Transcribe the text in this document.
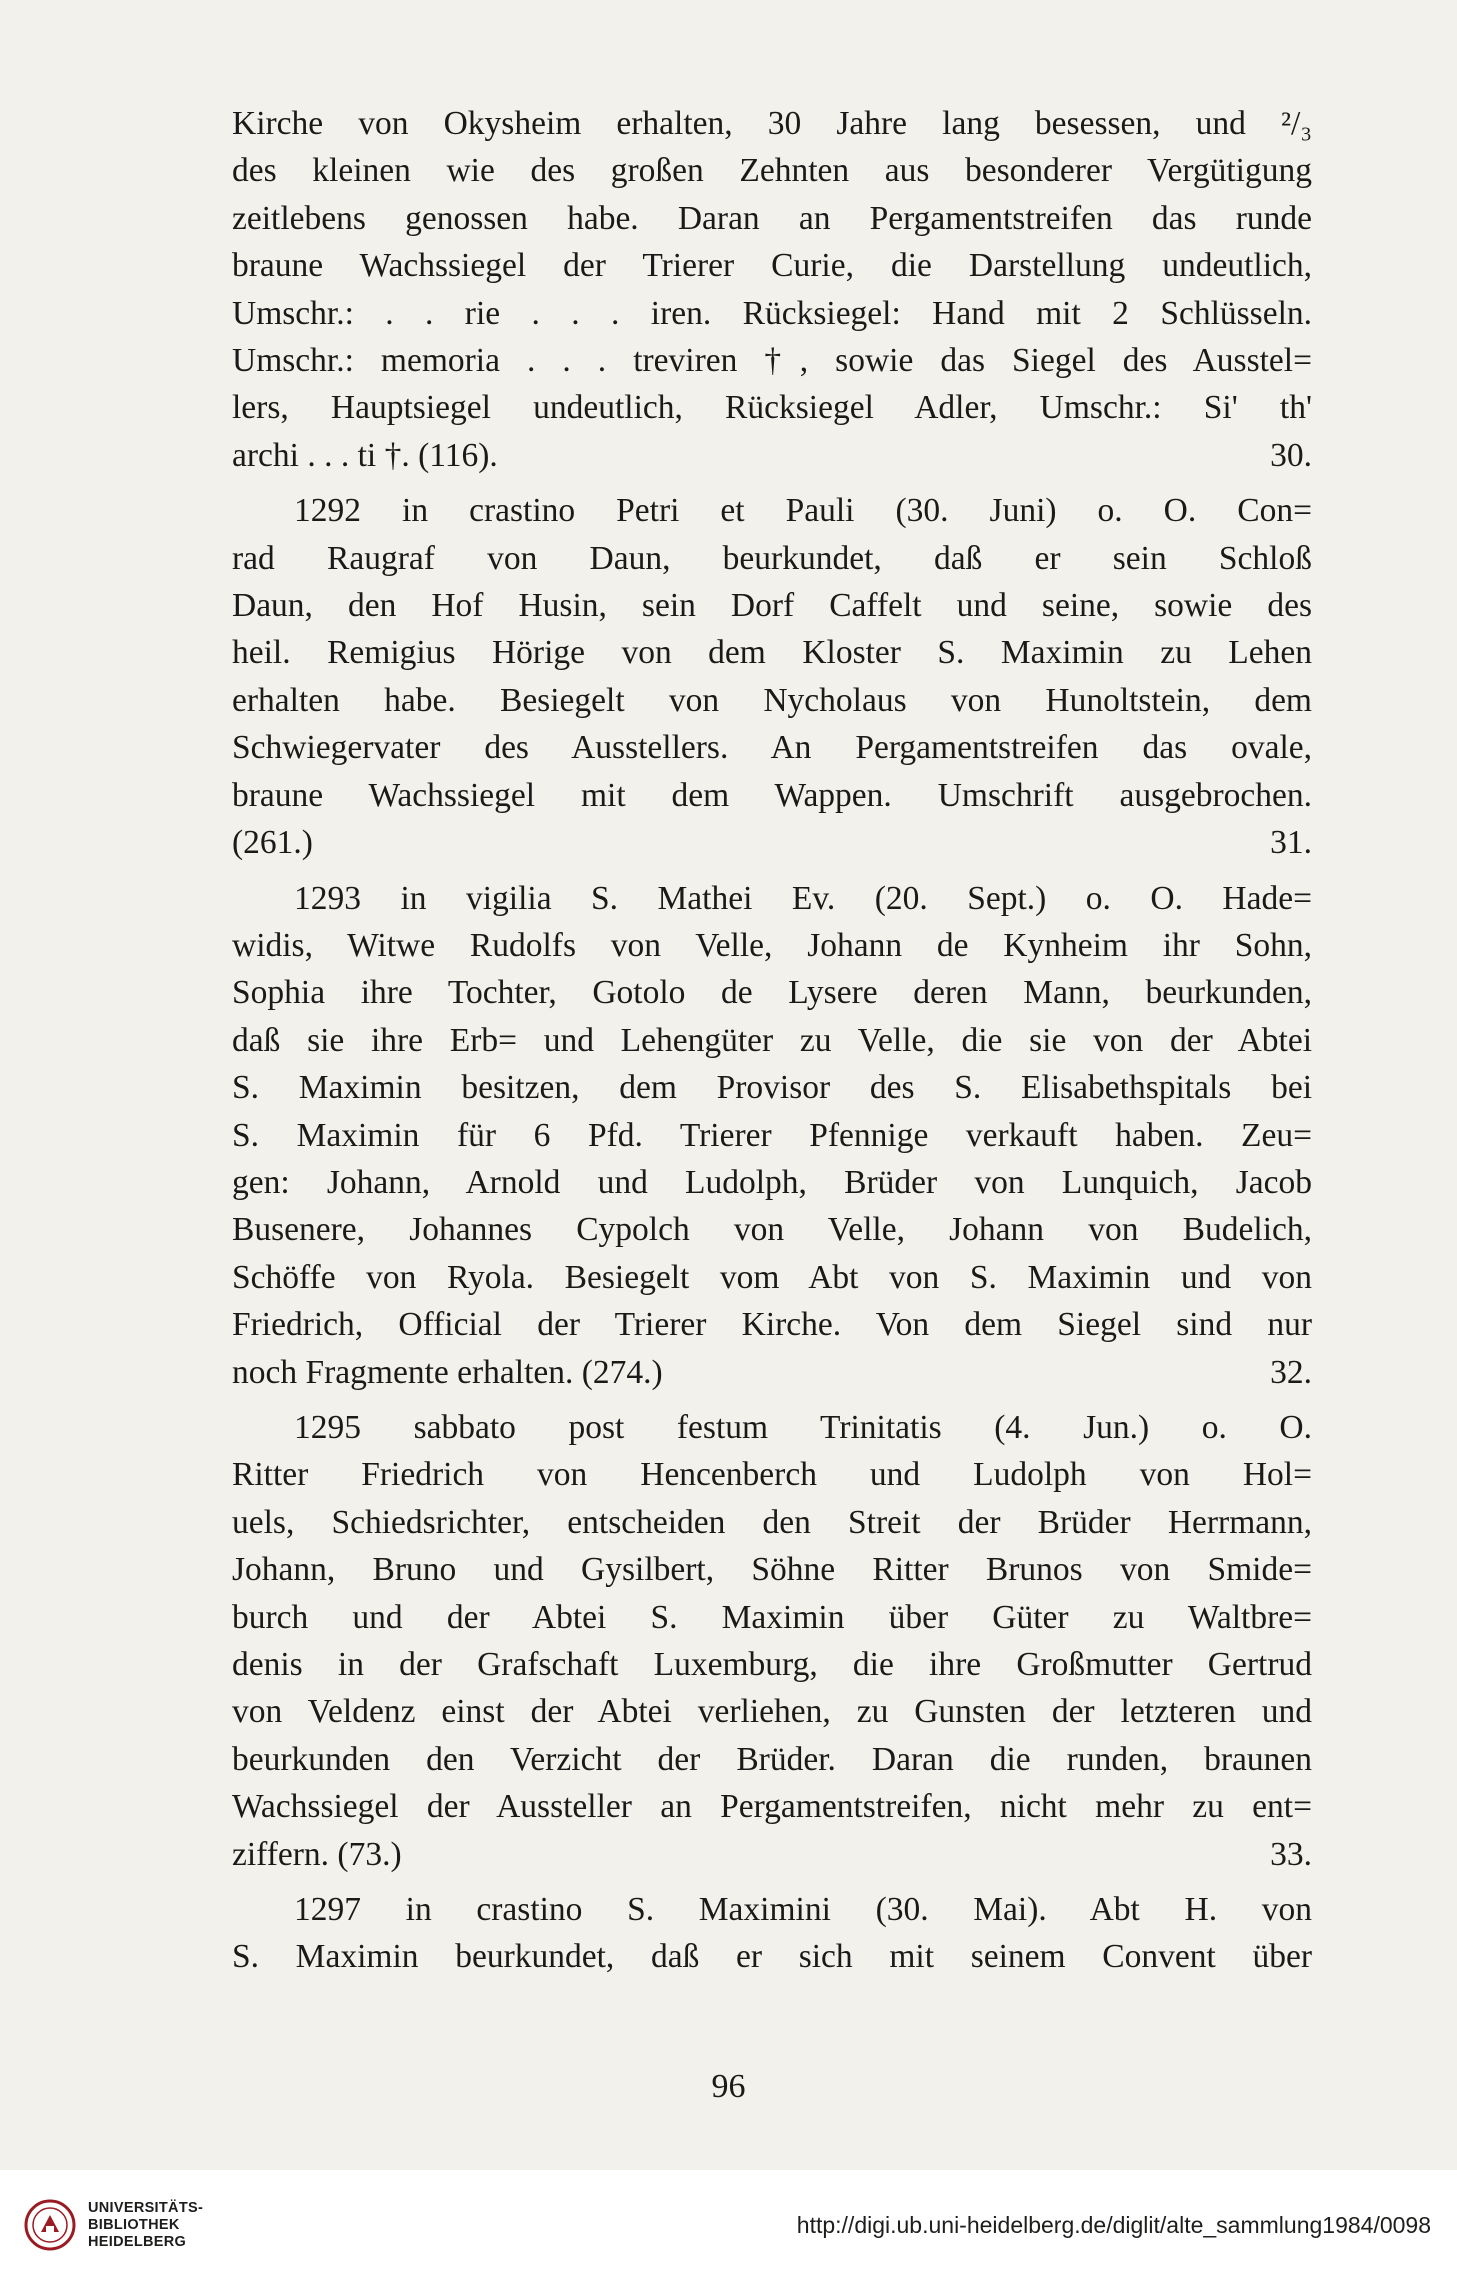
Kirche von Okysheim erhalten, 30 Jahre lang besessen, und ²/₃
des kleinen wie des großen Zehnten aus besonderer Vergütigung
zeitlebens genossen habe. Daran an Pergamentstreifen das runde
braune Wachssiegel der Trierer Curie, die Darstellung undeutlich,
Umschr.: . . rie . . . iren. Rücksiegel: Hand mit 2 Schlüsseln.
Umschr.: memoria . . . treviren †, sowie das Siegel des Ausstel=
lers, Hauptsiegel undeutlich, Rücksiegel Adler, Umschr.: Si' th'
archi . . . ti †. (116).	30.
1292 in crastino Petri et Pauli (30. Juni) o. O. Con=
rad Raugraf von Daun, beurkundet, daß er sein Schloß
Daun, den Hof Husin, sein Dorf Caffelt und seine, sowie des
heil. Remigius Hörige von dem Kloster S. Maximin zu Lehen
erhalten habe. Besiegelt von Nycholaus von Hunoltstein, dem
Schwiegervater des Ausstellers. An Pergamentstreifen das ovale,
braune Wachssiegel mit dem Wappen. Umschrift ausgebrochen.
(261.)	31.
1293 in vigilia S. Mathei Ev. (20. Sept.) o. O. Hade=
widis, Witwe Rudolfs von Velle, Johann de Kynheim ihr Sohn,
Sophia ihre Tochter, Gotolo de Lysere deren Mann, beurkunden,
daß sie ihre Erb= und Lehengüter zu Velle, die sie von der Abtei
S. Maximin besitzen, dem Provisor des S. Elisabethspitals bei
S. Maximin für 6 Pfd. Trierer Pfennige verkauft haben. Zeu=
gen: Johann, Arnold und Ludolph, Brüder von Lunquich, Jacob
Busenere, Johannes Cypolch von Velle, Johann von Budelich,
Schöffe von Ryola. Besiegelt vom Abt von S. Maximin und von
Friedrich, Official der Trierer Kirche. Von dem Siegel sind nur
noch Fragmente erhalten. (274.)	32.
1295 sabbato post festum Trinitatis (4. Jun.) o. O.
Ritter Friedrich von Hencenberch und Ludolph von Hol=
uels, Schiedsrichter, entscheiden den Streit der Brüder Herrmann,
Johann, Bruno und Gysilbert, Söhne Ritter Brunos von Smide=
burch und der Abtei S. Maximin über Güter zu Waltbre=
denis in der Grafschaft Luxemburg, die ihre Großmutter Gertrud
von Veldenz einst der Abtei verliehen, zu Gunsten der letzteren und
beurkunden den Verzicht der Brüder. Daran die runden, braunen
Wachssiegel der Aussteller an Pergamentstreifen, nicht mehr zu ent=
ziffern. (73.)	33.
1297 in crastino S. Maximini (30. Mai). Abt H. von
S. Maximin beurkundet, daß er sich mit seinem Convent über
96
UNIVERSITÄTS-
BIBLIOTHEK
HEIDELBERG
http://digi.ub.uni-heidelberg.de/diglit/alte_sammlung1984/0098
